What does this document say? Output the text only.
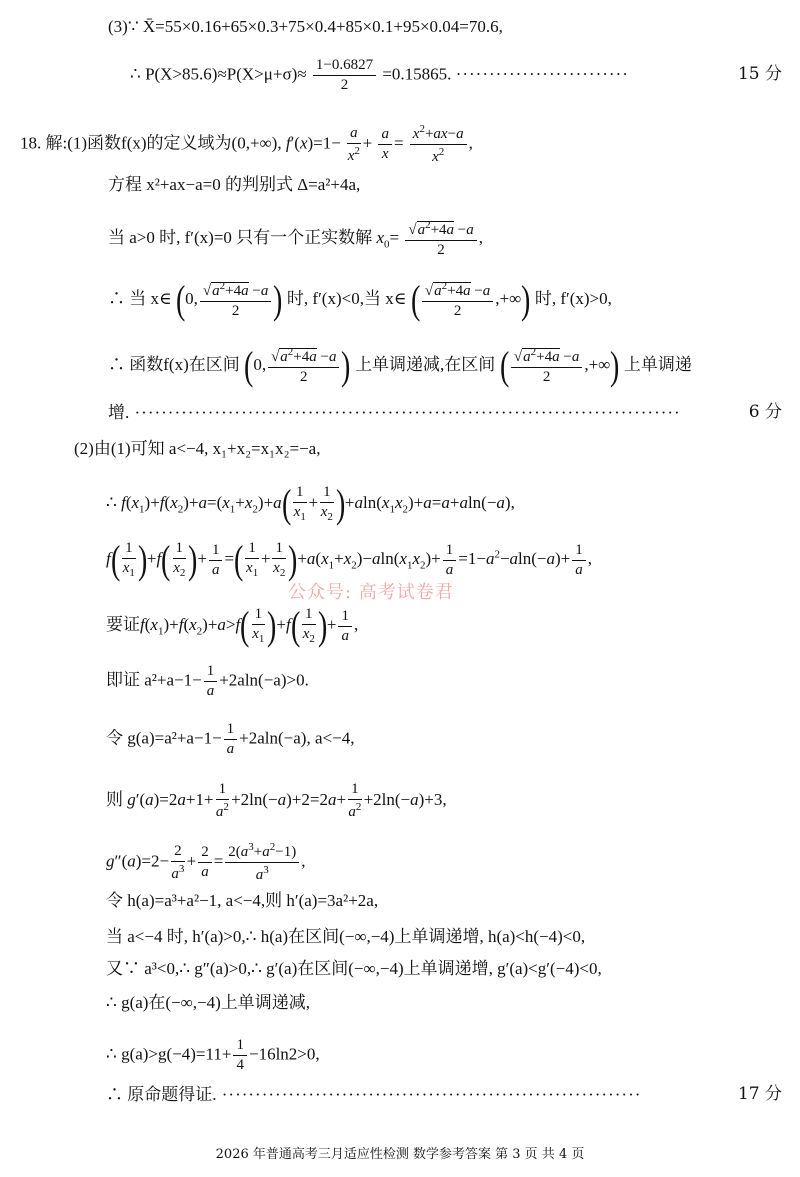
(3)∵ X̄=55×0.16+65×0.3+75×0.4+85×0.1+95×0.04=70.6,
∴ $P(X>85.6)\approx P(X>\mu+\sigma)\approx \frac{1-0.6827}{2} =0.15865$. ··························	15 分
18. 解:(1)函数f(x)的定义域为(0,+∞), $f'(x)=1- \frac{a}{x^2} + \frac{a}{x} = \frac{x^2+ax-a}{x^2}$ ,
方程 x²+ax−a=0 的判别式 Δ=a²+4a,
当 a>0 时, f′(x)=0 只有一个正实数解 $x_0= \frac{√a^2+4a -a}{2}$ ,
∴ 当 x∈ (0, $\frac{√a^2+4a -a}{2}$ ) 时, f′(x)<0,当 x∈ ( $\frac{√a^2+4a -a}{2}$ ,+∞) 时, f′(x)>0,
∴ 函数f(x)在区间 (0, $\frac{√a^2+4a -a}{2}$ ) 上单调递减,在区间 ( $\frac{√a^2+4a -a}{2}$ ,+∞) 上单调递
增. ··················································································	6 分
(2)由(1)可知 a<−4, x₁+x₂=x₁x₂=−a,
∴ $f(x_1)+f(x_2)+a=(x_1+x_2)+a( \frac{1}{x_1} + \frac{1}{x_2} )+aln(x_1x_2)+a=a+aln(-a)$,
$f( \frac{1}{x_1} )+f( \frac{1}{x_2}$ )+ $\frac{1}{a}$ =( $\frac{1}{x_1} + \frac{1}{x_2} )+a(x_1+x_2)-aln(x_1x_2)+ \frac{1}{a} =1-a^2-aln(-a)+ \frac{1}{a}$ ,
公众号: 高考试卷君
要证$f(x_1)+f(x_2)+a>f( \frac{1}{x_1} )+f( \frac{1}{x_2}$ )+ $\frac{1}{a}$ ,
即证 $a^2+a-1- \frac{1}{a} +2aln(-a)>0$.
令 $g(a)=a^2+a-1- \frac{1}{a} +2aln(-a)$, a<−4,
则 $g'(a)=2a+1+ \frac{1}{a^2} +2\ln(-a)+2=2a+ \frac{1}{a^2} +2\ln(-a)+3$,
$g''(a)=2- \frac{2}{a^3} + \frac{2}{a} = \frac{2(a^3+a^2-1)}{a^3}$ ,
令 h(a)=a³+a²−1, a<−4,则 h′(a)=3a²+2a,
当 a<−4 时, h′(a)>0,∴ h(a)在区间(−∞,−4)上单调递增, h(a)<h(−4)<0,
又∵ a³<0,∴ g″(a)>0,∴ g′(a)在区间(−∞,−4)上单调递增, g′(a)<g′(−4)<0,
∴ g(a)在(−∞,−4)上单调递减,
∴ $g(a)>g(-4)=11+ \frac{1}{4} -16\ln 2>0$,
∴ 原命题得证. ·······························································	17 分
2026 年普通高考三月适应性检测 数学参考答案 第 3 页 共 4 页
